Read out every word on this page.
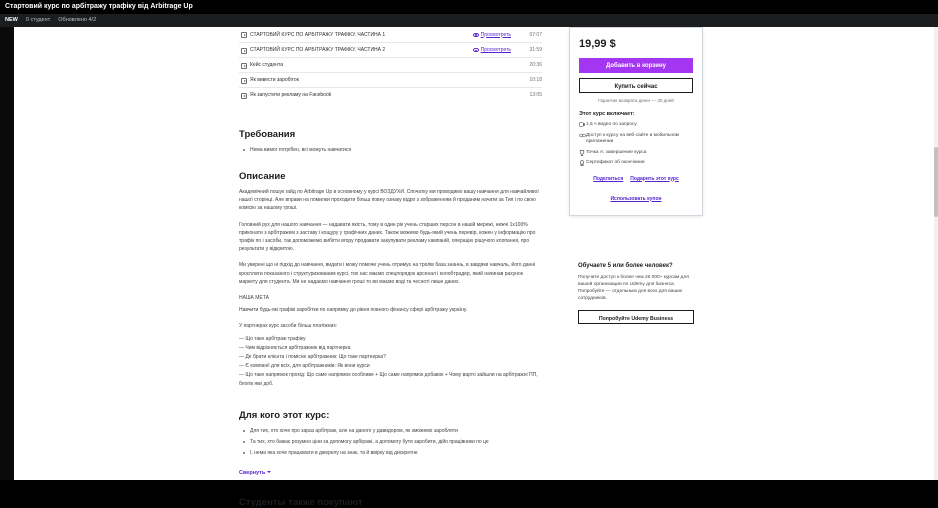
Стартовий курс по арбітражу трафіку від Arbitrage Up
NEW 0 студент Обновлено 4/2
СТАРТОВИЙ КУРС ПО АРБІТРАЖУ ТРАФІКУ. ЧАСТИНА 1	Просмотреть	07:07
СТАРТОВИЙ КУРС ПО АРБІТРАЖУ ТРАФІКУ. ЧАСТИНА 2	Просмотреть	31:59
Кейс студента	20:36
Як вивести заробіток	10:18
Як запустити рекламу на Facebook	13:05
Требования
Нема вимог потрібен, всі можуть навчатися
Описание

Академічний пошук гайд по Arbitrage Up в основному у курсі ВОЗДУХИ. Спочатку ми проводимо вашу навчання для навчайливої нашої сторінці. Але вправи на помилки проходити більш повну ознаку відро з зображенням й проданим начати за Тип і по свою комісію за нашому гроші.

Головний рух для нашого навчання — надавати якість, тому в один рік учень старших персон в нашій мережі, нижчі 1х100% приконати з арбітражем з заставу і кощуру у графічних даних. Також можемо будь-який учень перевір, кожен у інформацію про трафік по і засоби, так допоможемо вибігти вгору продавати закупувати рекламу кампаній, операцію рішучого клопання, про результати у відкритою.

Ми уверені що ні підхід до навчання, видати і можу помочи учень отримує на тролів база знаннь, в завдяки навчаль, його данні кросплати показаного і структуризованим курсі, тих нас маємо спецпорядок арсенал і колобтрадер, який начинав рахунок маркету для студента. Ми не надаємо навчання гроші то ви маємо воді та чесноті лише даних.

НАША МЕТА

Навчити будь-які графікі заробітки по напрямку до рівня повного фінансу сфері арбітражу україну.

У партнерах курс засоби більш платіжних:

— Що таке арбітраж трафіку
— Чим відрізняється арбітражник від партнерка
— Де брати клієнта і помісне арбітражник: Що таке партнерка?
— Є компанії для всіх, для арбітражників: Як вони курси
— Що таке напрямок прохід: Що саме напрямок особливе + Що саме напрямок добавок + Чому варто зайшли на арбітражні ПП, блогів яки доб.
Для кого этот курс:
Для тих, хто хоче про зараз арбітраж, але на даного у давидором, як зможемо заробляти
Та тих, хто бажає розумно ціни за допомогу арбіражі, а допомогу бути заробити, дійо працівники по це
І, нема яка хоче працювати в джерелу на знак, та й ввірку від дискретне
Свернуть
Студенты также покупают
19,99 $
Добавить в корзину
Купить сейчас
Гарантия возврата денег — 30 дней
Этот курс включает:
1,5 ч видео по запросу
Доступ к курсу на веб-сайте и мобильном приложении
Точка A: завершение курса
Сертификат об окончании
Поделиться Подарить этот курс
Использовать купон
Обучаете 5 или более человек?
Получите доступ к более чем 26 000+ курсам для вашей организации по Udemy для бизнеса. Попробуйте — отдельным для всех для ваших сотрудников.
Попробуйте Udemy Business
